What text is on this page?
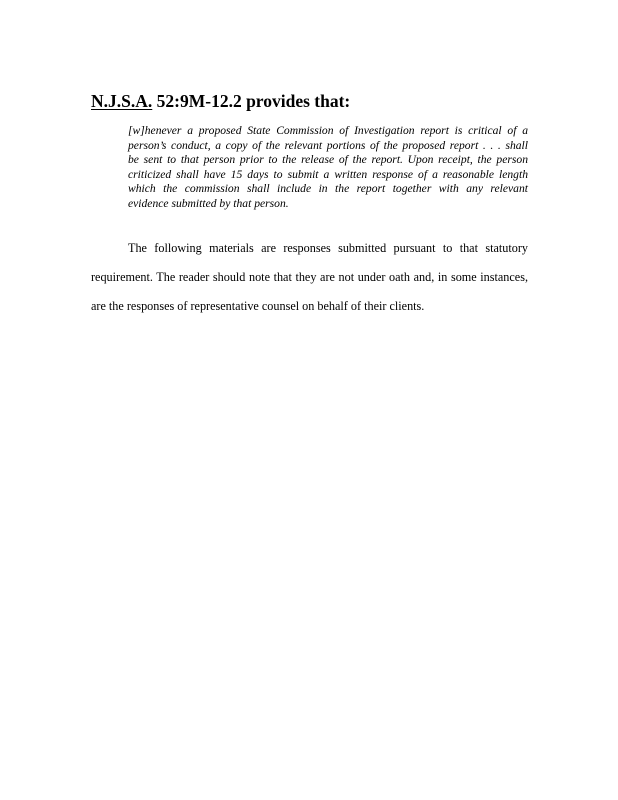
N.J.S.A. 52:9M-12.2 provides that:
[w]henever a proposed State Commission of Investigation report is critical of a
person’s conduct, a copy of the relevant portions of the proposed report . . . shall
be sent to that person prior to the release of the report. Upon receipt, the person
criticized shall have 15 days to submit a written response of a reasonable length
which the commission shall include in the report together with any relevant
evidence submitted by that person.
The following materials are responses submitted pursuant to that statutory
requirement. The reader should note that they are not under oath and, in some instances,
are the responses of representative counsel on behalf of their clients.
